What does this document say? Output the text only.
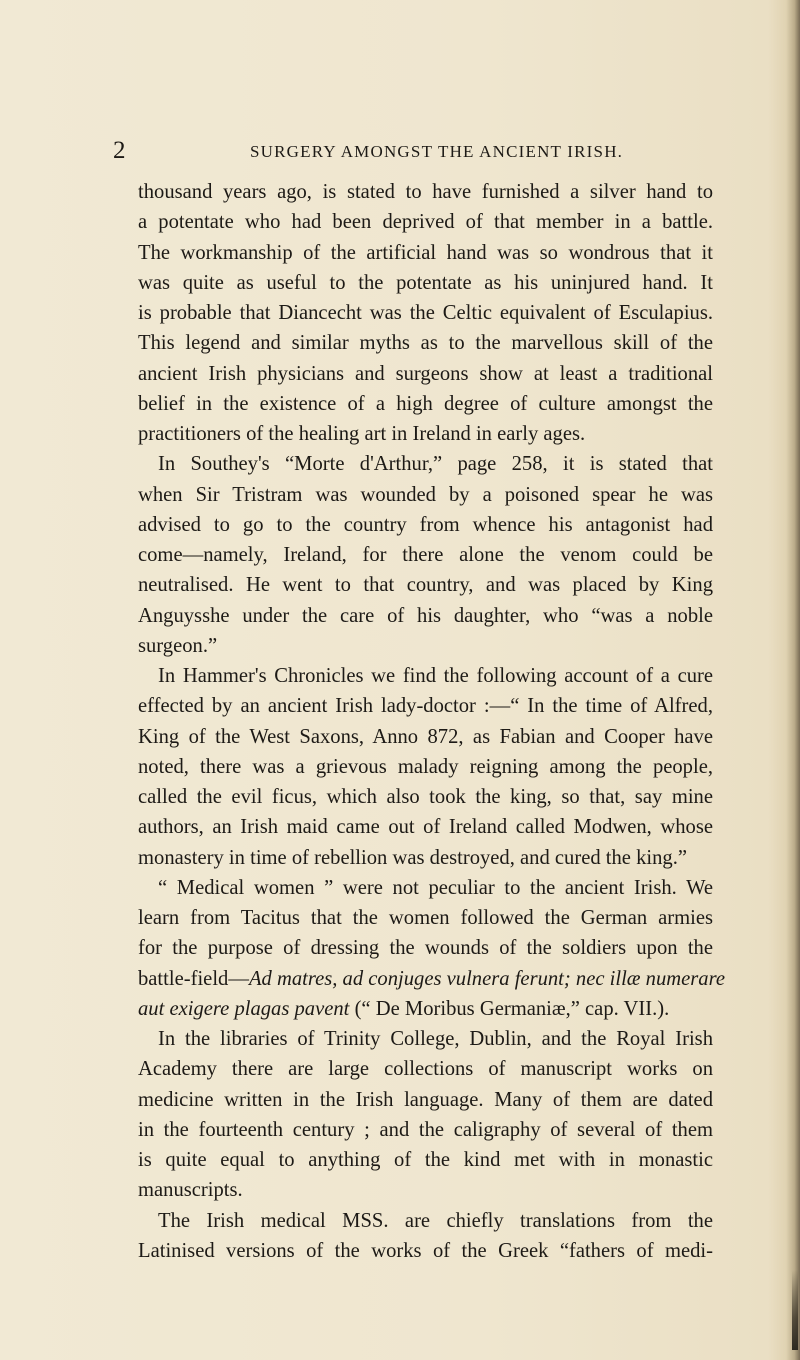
2	SURGERY AMONGST THE ANCIENT IRISH.
thousand years ago, is stated to have furnished a silver hand to
a potentate who had been deprived of that member in a battle.
The workmanship of the artificial hand was so wondrous that it
was quite as useful to the potentate as his uninjured hand. It
is probable that Diancecht was the Celtic equivalent of Esculapius.
This legend and similar myths as to the marvellous skill of the
ancient Irish physicians and surgeons show at least a traditional
belief in the existence of a high degree of culture amongst the
practitioners of the healing art in Ireland in early ages.
In Southey's “Morte d'Arthur,” page 258, it is stated that
when Sir Tristram was wounded by a poisoned spear he was
advised to go to the country from whence his antagonist had
come—namely, Ireland, for there alone the venom could be
neutralised. He went to that country, and was placed by King
Anguysshe under the care of his daughter, who “was a noble
surgeon.”
In Hammer's Chronicles we find the following account of a cure
effected by an ancient Irish lady-doctor :—“ In the time of Alfred,
King of the West Saxons, Anno 872, as Fabian and Cooper have
noted, there was a grievous malady reigning among the people,
called the evil ficus, which also took the king, so that, say mine
authors, an Irish maid came out of Ireland called Modwen, whose
monastery in time of rebellion was destroyed, and cured the king.”
“ Medical women ” were not peculiar to the ancient Irish. We
learn from Tacitus that the women followed the German armies
for the purpose of dressing the wounds of the soldiers upon the
battle-field—Ad matres, ad conjuges vulnera ferunt; nec illæ numerare
aut exigere plagas pavent (“ De Moribus Germaniæ,” cap. VII.).
In the libraries of Trinity College, Dublin, and the Royal Irish
Academy there are large collections of manuscript works on
medicine written in the Irish language. Many of them are dated
in the fourteenth century ; and the caligraphy of several of them
is quite equal to anything of the kind met with in monastic
manuscripts.
The Irish medical MSS. are chiefly translations from the
Latinised versions of the works of the Greek “fathers of medi-
